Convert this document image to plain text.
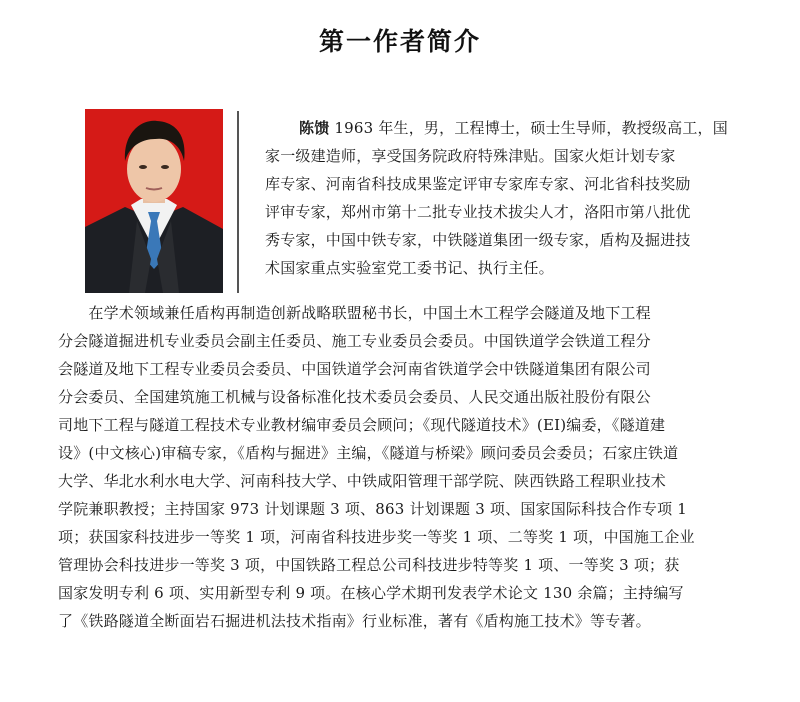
第一作者简介
陈馈 1963 年生，男，工程博士，硕士生导师，教授级高工，国
家一级建造师，享受国务院政府特殊津贴。国家火炬计划专家
库专家、河南省科技成果鉴定评审专家库专家、河北省科技奖励
评审专家，郑州市第十二批专业技术拔尖人才，洛阳市第八批优
秀专家，中国中铁专家，中铁隧道集团一级专家，盾构及掘进技
术国家重点实验室党工委书记、执行主任。
　　在学术领域兼任盾构再制造创新战略联盟秘书长，中国土木工程学会隧道及地下工程
分会隧道掘进机专业委员会副主任委员、施工专业委员会委员。中国铁道学会铁道工程分
会隧道及地下工程专业委员会委员、中国铁道学会河南省铁道学会中铁隧道集团有限公司
分会委员、全国建筑施工机械与设备标准化技术委员会委员、人民交通出版社股份有限公
司地下工程与隧道工程技术专业教材编审委员会顾问；《现代隧道技术》(EI)编委，《隧道建
设》(中文核心)审稿专家，《盾构与掘进》主编，《隧道与桥梁》顾问委员会委员；石家庄铁道
大学、华北水利水电大学、河南科技大学、中铁咸阳管理干部学院、陕西铁路工程职业技术
学院兼职教授；主持国家 973 计划课题 3 项、863 计划课题 3 项、国家国际科技合作专项 1
项；获国家科技进步一等奖 1 项，河南省科技进步奖一等奖 1 项、二等奖 1 项，中国施工企业
管理协会科技进步一等奖 3 项，中国铁路工程总公司科技进步特等奖 1 项、一等奖 3 项；获
国家发明专利 6 项、实用新型专利 9 项。在核心学术期刊发表学术论文 130 余篇；主持编写
了《铁路隧道全断面岩石掘进机法技术指南》行业标准，著有《盾构施工技术》等专著。
